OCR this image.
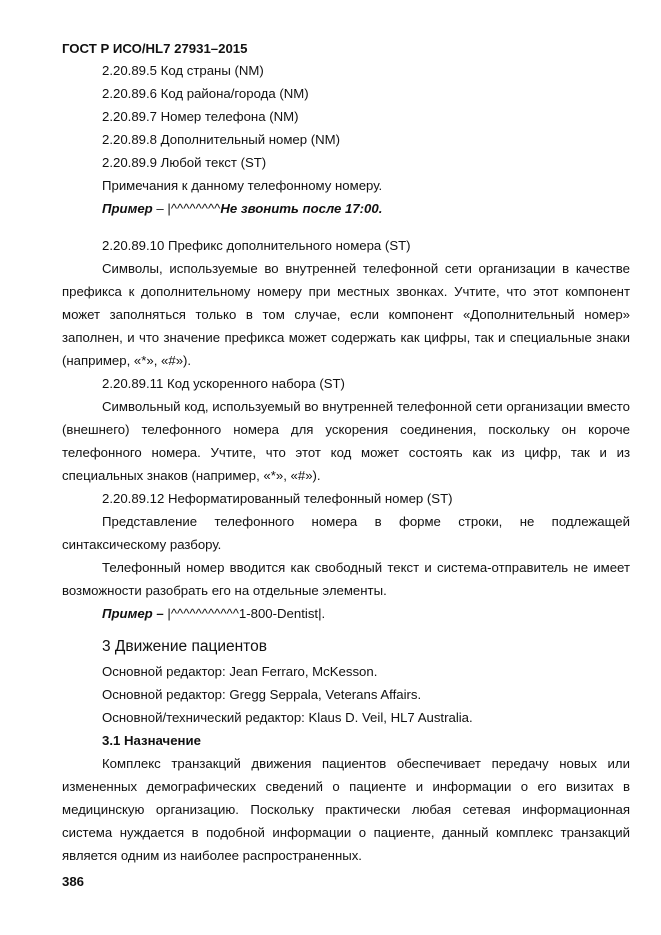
ГОСТ Р ИСО/HL7 27931–2015
2.20.89.5 Код страны (NM)
2.20.89.6 Код района/города (NM)
2.20.89.7 Номер телефона (NM)
2.20.89.8 Дополнительный номер (NM)
2.20.89.9 Любой текст (ST)
Примечания к данному телефонному номеру.
Пример – |^^^^^^^^Не звонить после 17:00.
2.20.89.10 Префикс дополнительного номера (ST)
Символы, используемые во внутренней телефонной сети организации в качестве префикса к дополнительному номеру при местных звонках. Учтите, что этот компонент может заполняться только в том случае, если компонент «Дополнительный номер» заполнен, и что значение префикса может содержать как цифры, так и специальные знаки (например, «*», «#»).
2.20.89.11 Код ускоренного набора (ST)
Символьный код, используемый во внутренней телефонной сети организации вместо (внешнего) телефонного номера для ускорения соединения, поскольку он короче телефонного номера. Учтите, что этот код может состоять как из цифр, так и из специальных знаков (например, «*», «#»).
2.20.89.12 Неформатированный телефонный номер (ST)
Представление телефонного номера в форме строки, не подлежащей синтаксическому разбору.
Телефонный номер вводится как свободный текст и система-отправитель не имеет возможности разобрать его на отдельные элементы.
Пример – |^^^^^^^^^^^1-800-Dentist|.
3 Движение пациентов
Основной редактор: Jean Ferraro, McKesson.
Основной редактор: Gregg Seppala, Veterans Affairs.
Основной/технический редактор: Klaus D. Veil, HL7 Australia.
3.1 Назначение
Комплекс транзакций движения пациентов обеспечивает передачу новых или измененных демографических сведений о пациенте и информации о его визитах в медицинскую организацию. Поскольку практически любая сетевая информационная система нуждается в подобной информации о пациенте, данный комплекс транзакций является одним из наиболее распространенных.
386
